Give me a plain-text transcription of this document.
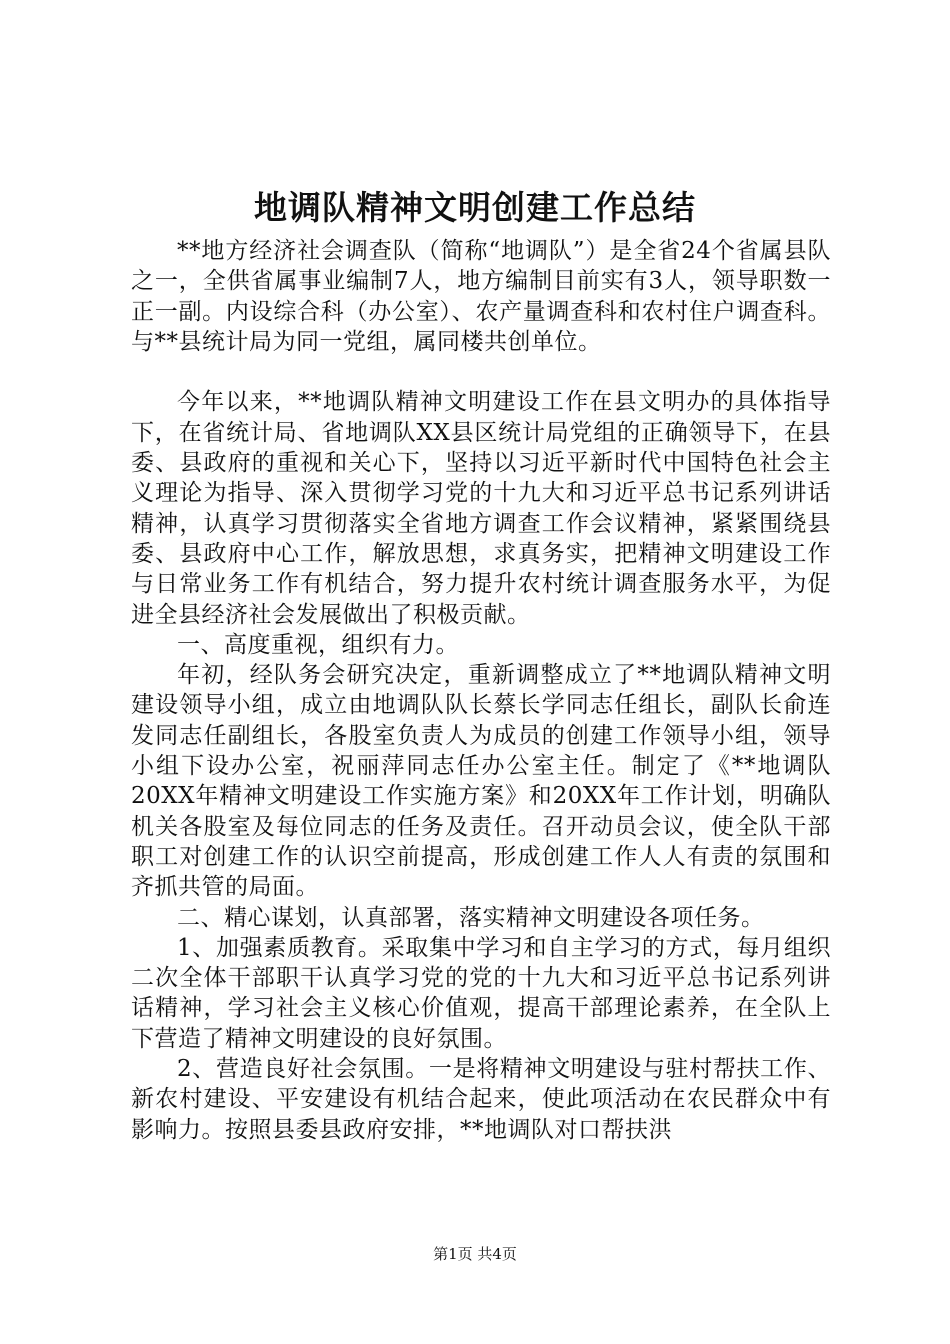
地调队精神文明创建工作总结

**地方经济社会调查队（简称“地调队”）是全省24个省属县队之一，全供省属事业编制7人，地方编制目前实有3人，领导职数一正一副。内设综合科（办公室）、农产量调查科和农村住户调查科。与**县统计局为同一党组，属同楼共创单位。

今年以来，**地调队精神文明建设工作在县文明办的具体指导下，在省统计局、省地调队XX县区统计局党组的正确领导下，在县委、县政府的重视和关心下，坚持以习近平新时代中国特色社会主义理论为指导、深入贯彻学习党的十九大和习近平总书记系列讲话精神，认真学习贯彻落实全省地方调查工作会议精神，紧紧围绕县委、县政府中心工作，解放思想，求真务实，把精神文明建设工作与日常业务工作有机结合，努力提升农村统计调查服务水平，为促进全县经济社会发展做出了积极贡献。

一、高度重视，组织有力。

年初，经队务会研究决定，重新调整成立了**地调队精神文明建设领导小组，成立由地调队队长蔡长学同志任组长，副队长俞连发同志任副组长，各股室负责人为成员的创建工作领导小组，领导小组下设办公室，祝丽萍同志任办公室主任。制定了《**地调队20XX年精神文明建设工作实施方案》和20XX年工作计划，明确队机关各股室及每位同志的任务及责任。召开动员会议，使全队干部职工对创建工作的认识空前提高，形成创建工作人人有责的氛围和齐抓共管的局面。

二、精心谋划，认真部署，落实精神文明建设各项任务。

1、加强素质教育。采取集中学习和自主学习的方式，每月组织二次全体干部职干认真学习党的党的十九大和习近平总书记系列讲话精神，学习社会主义核心价值观，提高干部理论素养，在全队上下营造了精神文明建设的良好氛围。

2、营造良好社会氛围。一是将精神文明建设与驻村帮扶工作、新农村建设、平安建设有机结合起来，使此项活动在农民群众中有影响力。按照县委县政府安排，**地调队对口帮扶洪

第1页 共4页
